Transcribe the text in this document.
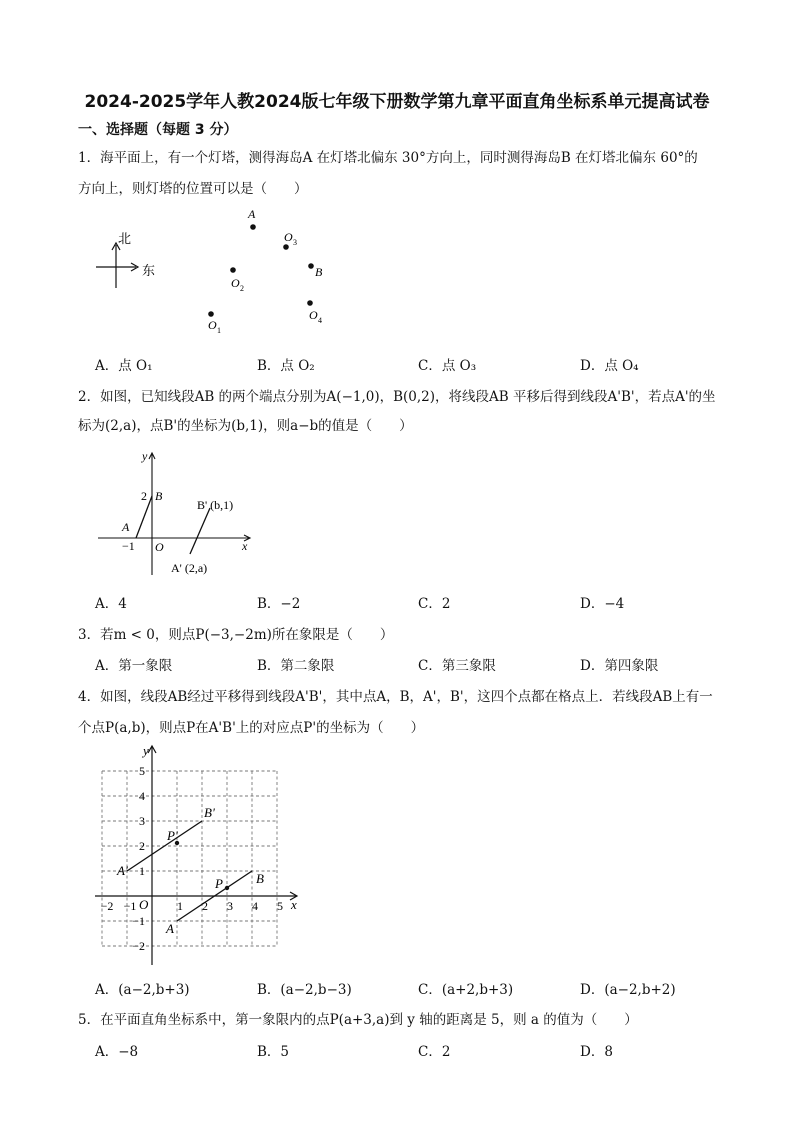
2024-2025学年人教2024版七年级下册数学第九章平面直角坐标系单元提高试卷
一、选择题（每题 3 分）
1．海平面上，有一个灯塔，测得海岛A 在灯塔北偏东 30°方向上，同时测得海岛B 在灯塔北偏东 60°的
方向上，则灯塔的位置可以是（　　）
北
东
A
O 3
B
O 2
O 4
O 1
A．点 O₁	B．点 O₂	C．点 O₃	D．点 O₄
2．如图，已知线段AB 的两个端点分别为A(−1,0)，B(0,2)，将线段AB 平移后得到线段A'B'，若点A'的坐
标为(2,a)，点B'的坐标为(b,1)，则a−b的值是（　　）
y
x
2 B
A
−1 O
B' (b,1)
A' (2,a)
A．4	B．−2	C．2	D．−4
3．若m < 0，则点P(−3,−2m)所在象限是（　　）
A．第一象限	B．第二象限	C．第三象限	D．第四象限
4．如图，线段AB经过平移得到线段A'B'，其中点A，B，A'，B'，这四个点都在格点上．若线段AB上有一
个点P(a,b)，则点P在A'B'上的对应点P'的坐标为（　　）
y
x
O
A
B
A'
B'
P
P'
5
4
3
2
1
−1
−2
−2 −1	1 2 3 4 5
A．(a−2,b+3)	B．(a−2,b−3)	C．(a+2,b+3)	D．(a−2,b+2)
5．在平面直角坐标系中，第一象限内的点P(a+3,a)到 y 轴的距离是 5，则 a 的值为（　　）
A．−8	B．5	C．2	D．8
